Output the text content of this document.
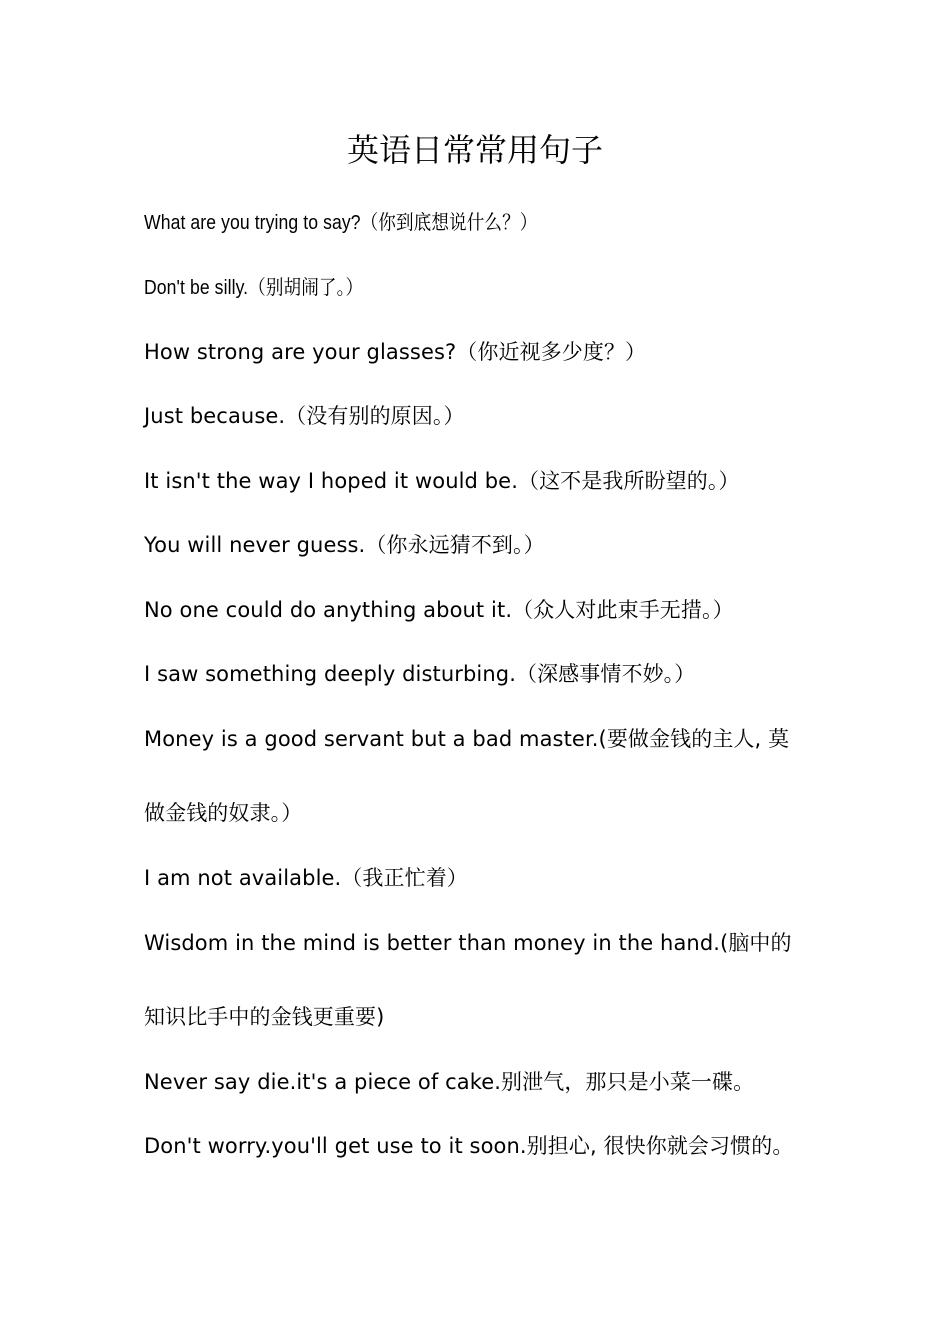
英语日常常用句子
What are you trying to say?（你到底想说什么？）
Don't be silly.（别胡闹了。）
How strong are your glasses?（你近视多少度？）
Just because.（没有别的原因。）
It isn't the way I hoped it would be.（这不是我所盼望的。）
You will never guess.（你永远猜不到。）
No one could do anything about it.（众人对此束手无措。）
I saw something deeply disturbing.（深感事情不妙。）
Money is a good servant but a bad master.(要做金钱的主人, 莫
做金钱的奴隶。）
I am not available.（我正忙着）
Wisdom in the mind is better than money in the hand.(脑中的
知识比手中的金钱更重要)
Never say die.it's a piece of cake.别泄气，那只是小菜一碟。
Don't worry.you'll get use to it soon.别担心, 很快你就会习惯的。
